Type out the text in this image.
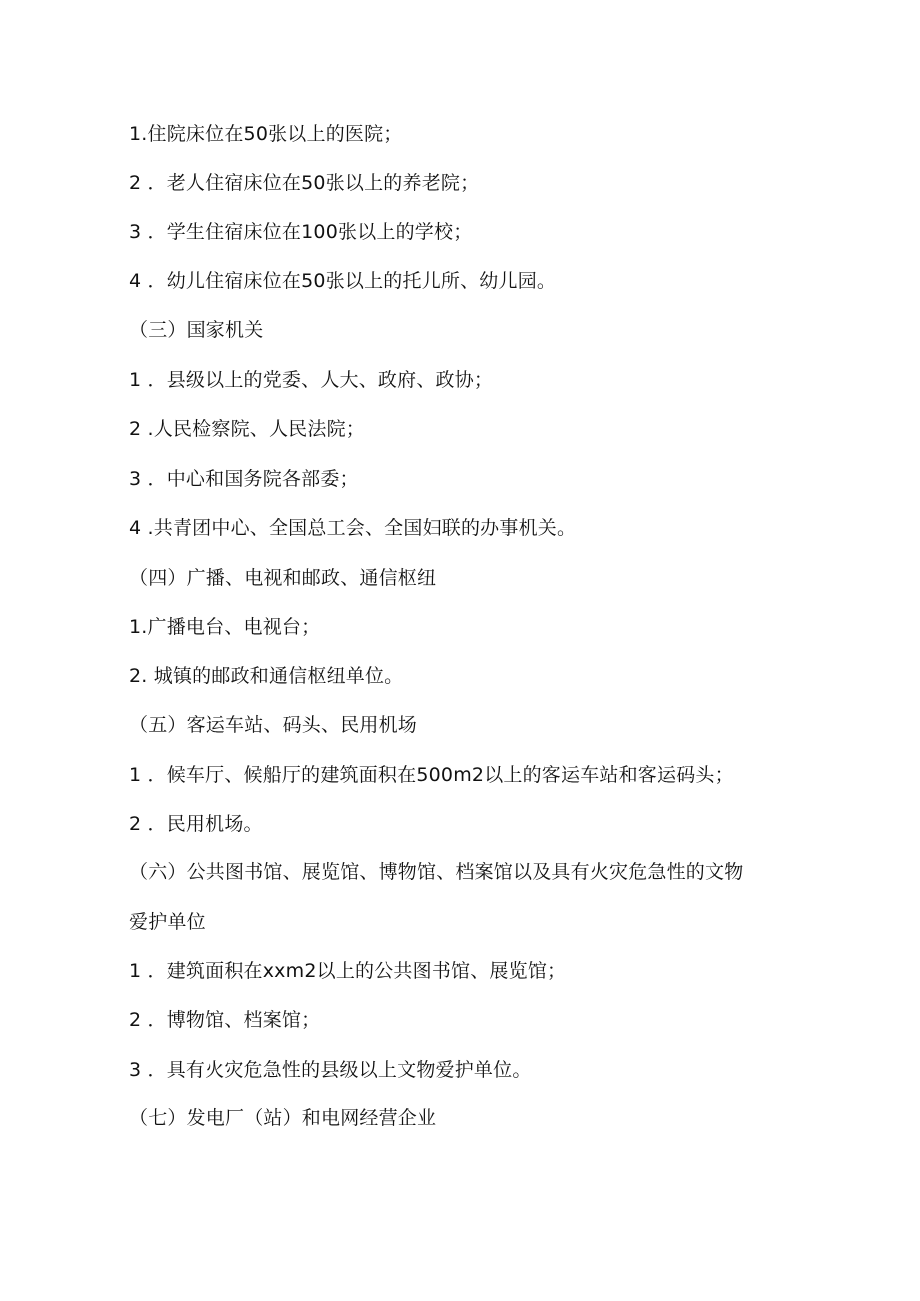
1.住院床位在50张以上的医院；
2 ．老人住宿床位在50张以上的养老院；
3 ．学生住宿床位在100张以上的学校；
4 ．幼儿住宿床位在50张以上的托儿所、幼儿园。
（三）国家机关
1 ．县级以上的党委、人大、政府、政协；
2 .人民检察院、人民法院；
3 ．中心和国务院各部委；
4 .共青团中心、全国总工会、全国妇联的办事机关。
（四）广播、电视和邮政、通信枢纽
1.广播电台、电视台；
2. 城镇的邮政和通信枢纽单位。
（五）客运车站、码头、民用机场
1 ．候车厅、候船厅的建筑面积在500m2以上的客运车站和客运码头；
2 ．民用机场。
（六）公共图书馆、展览馆、博物馆、档案馆以及具有火灾危急性的文物
爱护单位
1 ．建筑面积在xxm2以上的公共图书馆、展览馆；
2 ．博物馆、档案馆；
3 ．具有火灾危急性的县级以上文物爱护单位。
（七）发电厂（站）和电网经营企业
